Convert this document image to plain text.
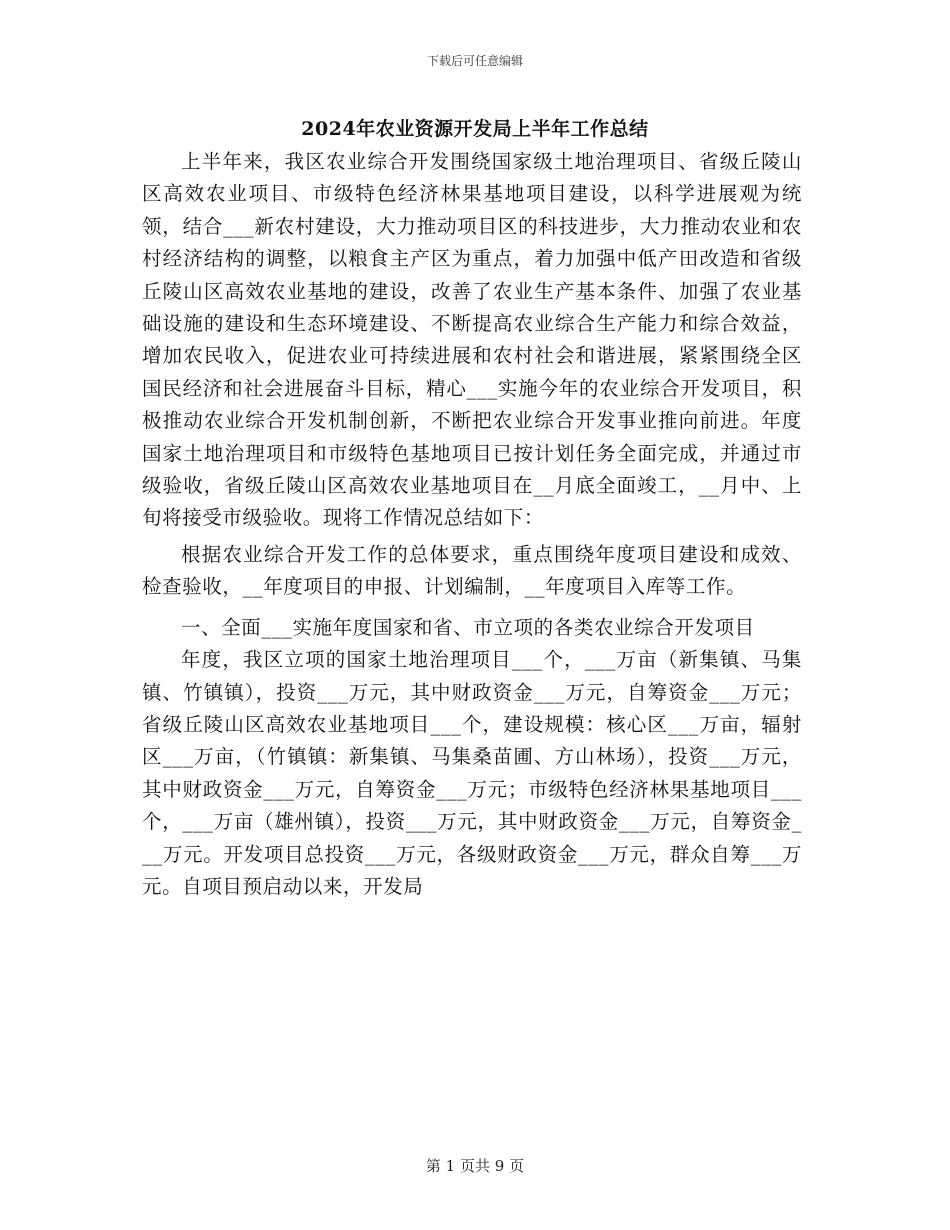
下载后可任意编辑
2024年农业资源开发局上半年工作总结

上半年来，我区农业综合开发围绕国家级土地治理项目、省级丘陵山区高效农业项目、市级特色经济林果基地项目建设，以科学进展观为统领，结合___新农村建设，大力推动项目区的科技进步，大力推动农业和农村经济结构的调整，以粮食主产区为重点，着力加强中低产田改造和省级丘陵山区高效农业基地的建设，改善了农业生产基本条件、加强了农业基础设施的建设和生态环境建设、不断提高农业综合生产能力和综合效益，增加农民收入，促进农业可持续进展和农村社会和谐进展，紧紧围绕全区国民经济和社会进展奋斗目标，精心___实施今年的农业综合开发项目，积极推动农业综合开发机制创新，不断把农业综合开发事业推向前进。年度国家土地治理项目和市级特色基地项目已按计划任务全面完成，并通过市级验收，省级丘陵山区高效农业基地项目在__月底全面竣工，__月中、上旬将接受市级验收。现将工作情况总结如下：

根据农业综合开发工作的总体要求，重点围绕年度项目建设和成效、检查验收，__年度项目的申报、计划编制，__年度项目入库等工作。

一、全面___实施年度国家和省、市立项的各类农业综合开发项目

年度，我区立项的国家土地治理项目___个，___万亩（新集镇、马集镇、竹镇镇），投资___万元，其中财政资金___万元，自筹资金___万元；省级丘陵山区高效农业基地项目___个，建设规模：核心区___万亩，辐射区___万亩，（竹镇镇：新集镇、马集桑苗圃、方山林场），投资___万元，其中财政资金___万元，自筹资金___万元；市级特色经济林果基地项目___个，___万亩（雄州镇），投资___万元，其中财政资金___万元，自筹资金___万元。开发项目总投资___万元，各级财政资金___万元，群众自筹___万元。自项目预启动以来，开发局

第 1 页共 9 页
